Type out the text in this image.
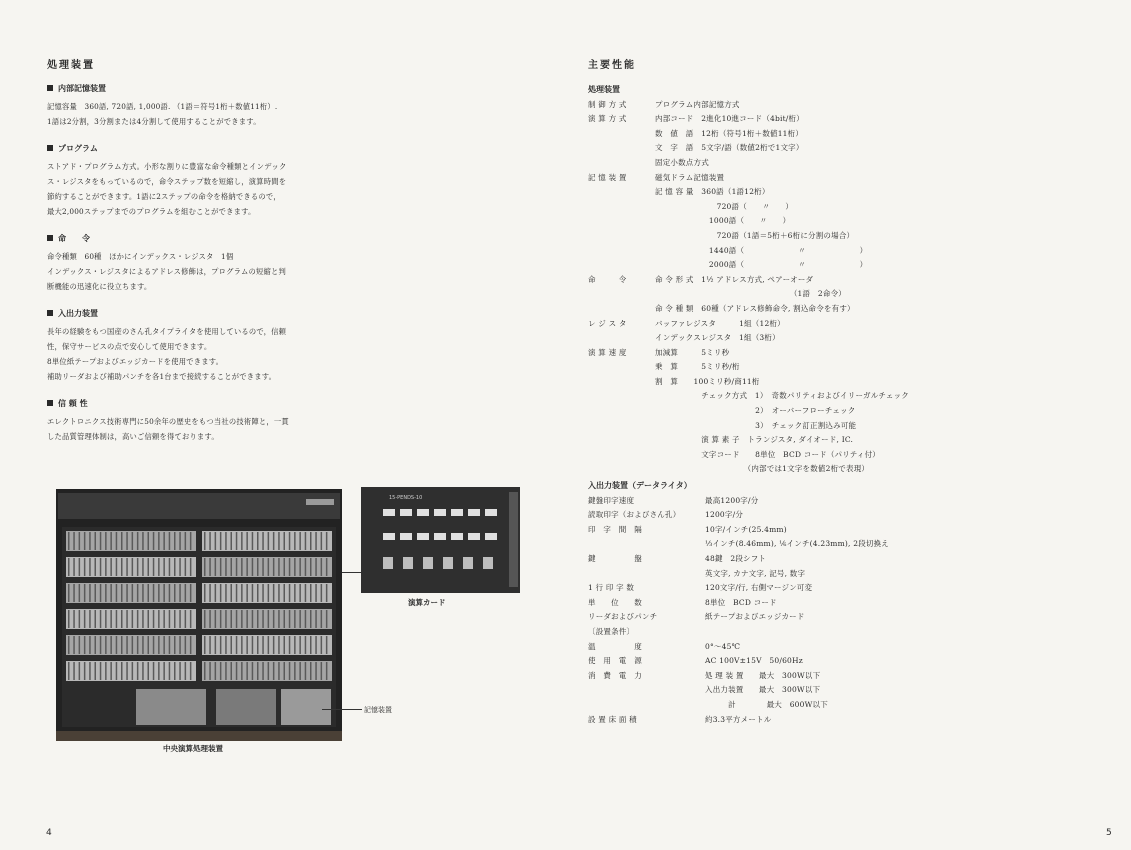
処理装置
内部記憶装置
記憶容量　360語, 720語, 1,000語. （1語＝符号1桁＋数値11桁）.
1語は2分割，3分割または4分割して使用することができます。
プログラム
ストアド・プログラム方式。小形な割りに豊富な命令種類とインデック
ス・レジスタをもっているので，命令ステップ数を短縮し，演算時間を
節約することができます。1語に2ステップの命令を格納できるので，
最大2,000ステップまでのプログラムを組むことができます。
命　　令
命令種類　60種　ほかにインデックス・レジスタ　1個
インデックス・レジスタによるアドレス修飾は，プログラムの短縮と判
断機能の迅速化に役立ちます。
入出力装置
長年の経験をもつ国産のさん孔タイプライタを使用しているので，信頼
性，保守サービスの点で安心して使用できます。
8単位紙テープおよびエッジカードを使用できます。
補助リーダおよび補助パンチを各1台まで接続することができます。
信 頼 性
エレクトロニクス技術専門に50余年の歴史をもつ当社の技術陣と，一貫
した品質管理体制は，高いご信頼を得ております。
15-PENDS-10
演算カード
記憶装置
中央演算処理装置
4
主要性能
処理装置
制 御 方 式	プログラム内部記憶方式
演 算 方 式	内部コード　2進化10進コード（4bit/桁）
数　値　語　12桁（符号1桁＋数値11桁）
文　字　語　5文字/語（数値2桁で1文字）
固定小数点方式
記 憶 装 置	磁気ドラム記憶装置
記 憶 容 量　360語（1語12桁）
　　　　　　　　720語（　　〃　　）
　　　　　　　1000語（　　〃　　）
　　　　　　　　720語（1語＝5桁＋6桁に分割の場合）
　　　　　　　1440語（　　　　　　　〃　　　　　　　）
　　　　　　　2000語（　　　　　　　〃　　　　　　　）
命　　　令	命 令 形 式　1½ アドレス方式, ペアーオーダ
　　　　　　　　　　　　　　　　　　（1語　2命令）
命 令 種 類　60種（アドレス修飾命令, 割込命令を有す）
レ ジ ス タ	バッファレジスタ　　　1組（12桁）
インデックスレジスタ　1組（3桁）
演 算 速 度	加減算　　　5ミリ秒
乗　算　　　5ミリ秒/桁
割　算　　100ミリ秒/商11桁
　　　　　　チェック方式　1）　奇数パリティおよびイリーガルチェック
　　　　　　　　　　　　　2）　オーバーフローチェック
　　　　　　　　　　　　　3）　チェック訂正割込み可能
　　　　　　演 算 素 子　トランジスタ, ダイオード, IC.
　　　　　　文字コード　　8単位　BCD コード（パリティ付）
　　　　　　　　　　　　（内部では1文字を数値2桁で表現）
入出力装置（データライタ）
鍵盤印字速度	最高1200字/分
読取印字（およびさん孔）	1200字/分
印　字　間　隔	10字/インチ(25.4mm)
⅓インチ(8.46mm), ⅙インチ(4.23mm), 2段切換え
鍵　　　　　盤	48鍵　2段シフト
英文字, カナ文字, 記号, 数字
1 行 印 字 数	120文字/行, 右側マージン可変
単　　位　　数	8単位　BCD コード
リーダおよびパンチ	紙テープおよびエッジカード
〔設置条件〕
温　　　　　度	0°～45℃
使　用　電　源	AC 100V±15V　50/60Hz
消　費　電　力	処 理 装 置　　最大　300W以下
入出力装置　　最大　300W以下
　　　計　　　　最大　600W以下
設 置 床 面 積	約3.3平方メートル
5
